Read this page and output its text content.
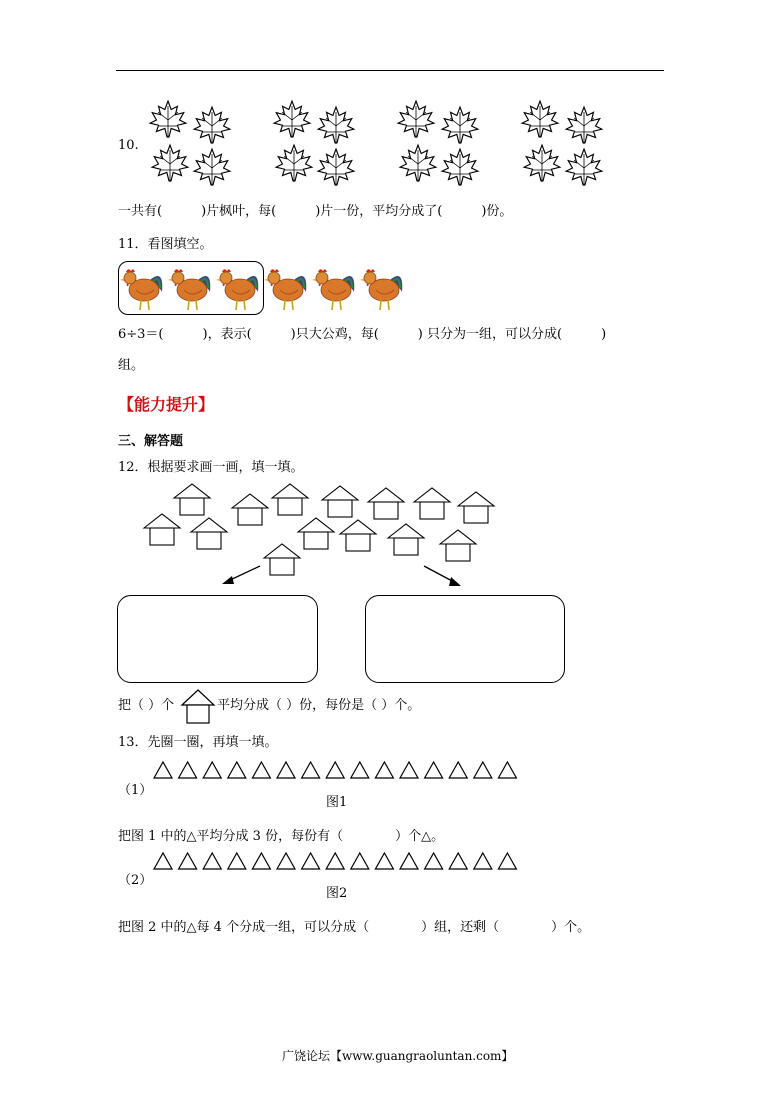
10.
一共有(　　　)片枫叶，每(　　　)片一份，平均分成了(　　　)份。
11．看图填空。
6÷3＝(　　　)，表示(　　　)只大公鸡，每(　　　) 只分为一组，可以分成(　　　)
组。
【能力提升】
三、解答题
12．根据要求画一画，填一填。
把（ ）个	平均分成（ ）份，每份是（ ）个。
13．先圈一圈，再填一填。
（1）
图1
把图 1 中的△平均分成 3 份，每份有（　　　　）个△。
（2）
图2
把图 2 中的△每 4 个分成一组，可以分成（　　　　）组，还剩（　　　　）个。
广饶论坛【www.guangraoluntan.com】
